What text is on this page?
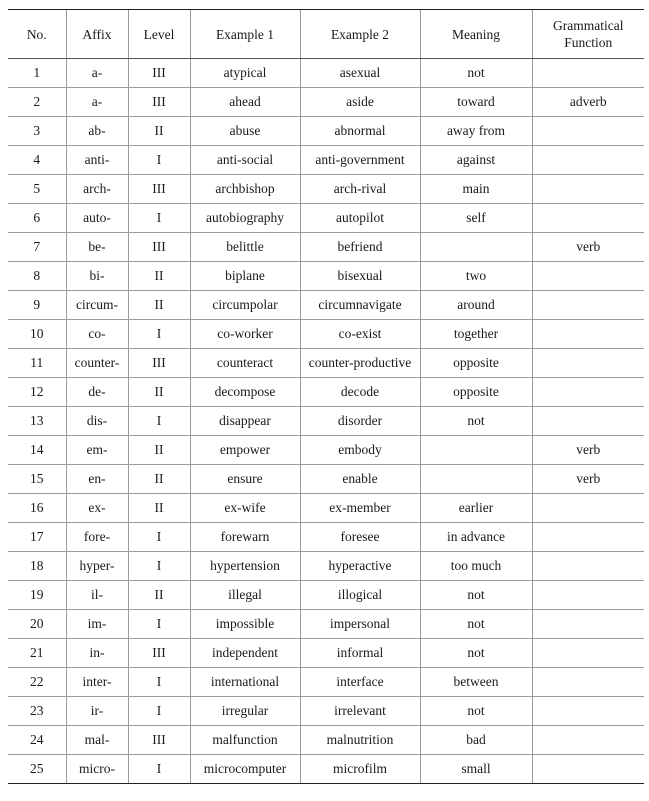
No.	Affix	Level	Example 1	Example 2	Meaning	Grammatical Function
1	a-	III	atypical	asexual	not	
2	a-	III	ahead	aside	toward	adverb
3	ab-	II	abuse	abnormal	away from	
4	anti-	I	anti-social	anti-government	against	
5	arch-	III	archbishop	arch-rival	main	
6	auto-	I	autobiography	autopilot	self	
7	be-	III	belittle	befriend		verb
8	bi-	II	biplane	bisexual	two	
9	circum-	II	circumpolar	circumnavigate	around	
10	co-	I	co-worker	co-exist	together	
11	counter-	III	counteract	counter-productive	opposite	
12	de-	II	decompose	decode	opposite	
13	dis-	I	disappear	disorder	not	
14	em-	II	empower	embody		verb
15	en-	II	ensure	enable		verb
16	ex-	II	ex-wife	ex-member	earlier	
17	fore-	I	forewarn	foresee	in advance	
18	hyper-	I	hypertension	hyperactive	too much	
19	il-	II	illegal	illogical	not	
20	im-	I	impossible	impersonal	not	
21	in-	III	independent	informal	not	
22	inter-	I	international	interface	between	
23	ir-	I	irregular	irrelevant	not	
24	mal-	III	malfunction	malnutrition	bad	
25	micro-	I	microcomputer	microfilm	small	
